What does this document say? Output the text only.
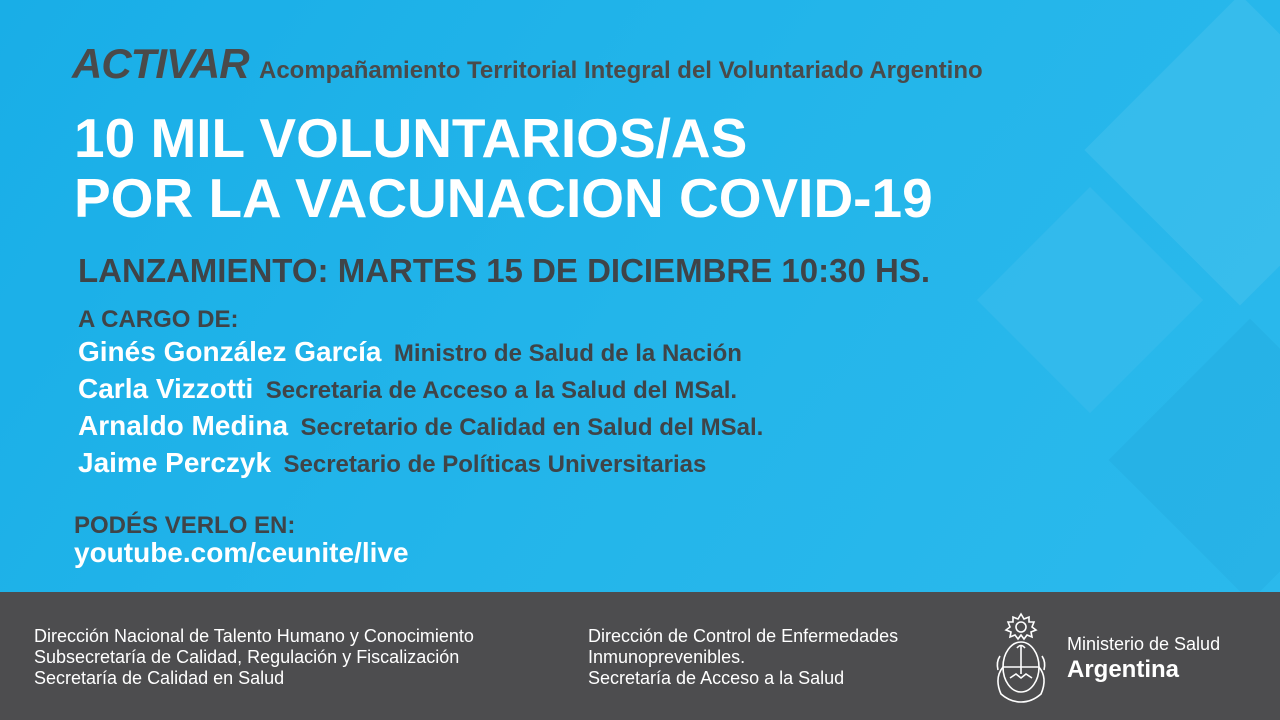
ACTIVAR Acompañamiento Territorial Integral del Voluntariado Argentino
10 MIL VOLUNTARIOS/AS
POR LA VACUNACION COVID-19
LANZAMIENTO: MARTES 15 DE DICIEMBRE 10:30 HS.
A CARGO DE:
Ginés González García Ministro de Salud de la Nación
Carla Vizzotti Secretaria de Acceso a la Salud del MSal.
Arnaldo Medina Secretario de Calidad en Salud del MSal.
Jaime Perczyk Secretario de Políticas Universitarias
PODÉS VERLO EN:
youtube.com/ceunite/live
Dirección Nacional de Talento Humano y Conocimiento
Subsecretaría de Calidad, Regulación y Fiscalización
Secretaría de Calidad en Salud
Dirección de Control de Enfermedades
Inmunoprevenibles.
Secretaría de Acceso a la Salud
Ministerio de Salud
Argentina
